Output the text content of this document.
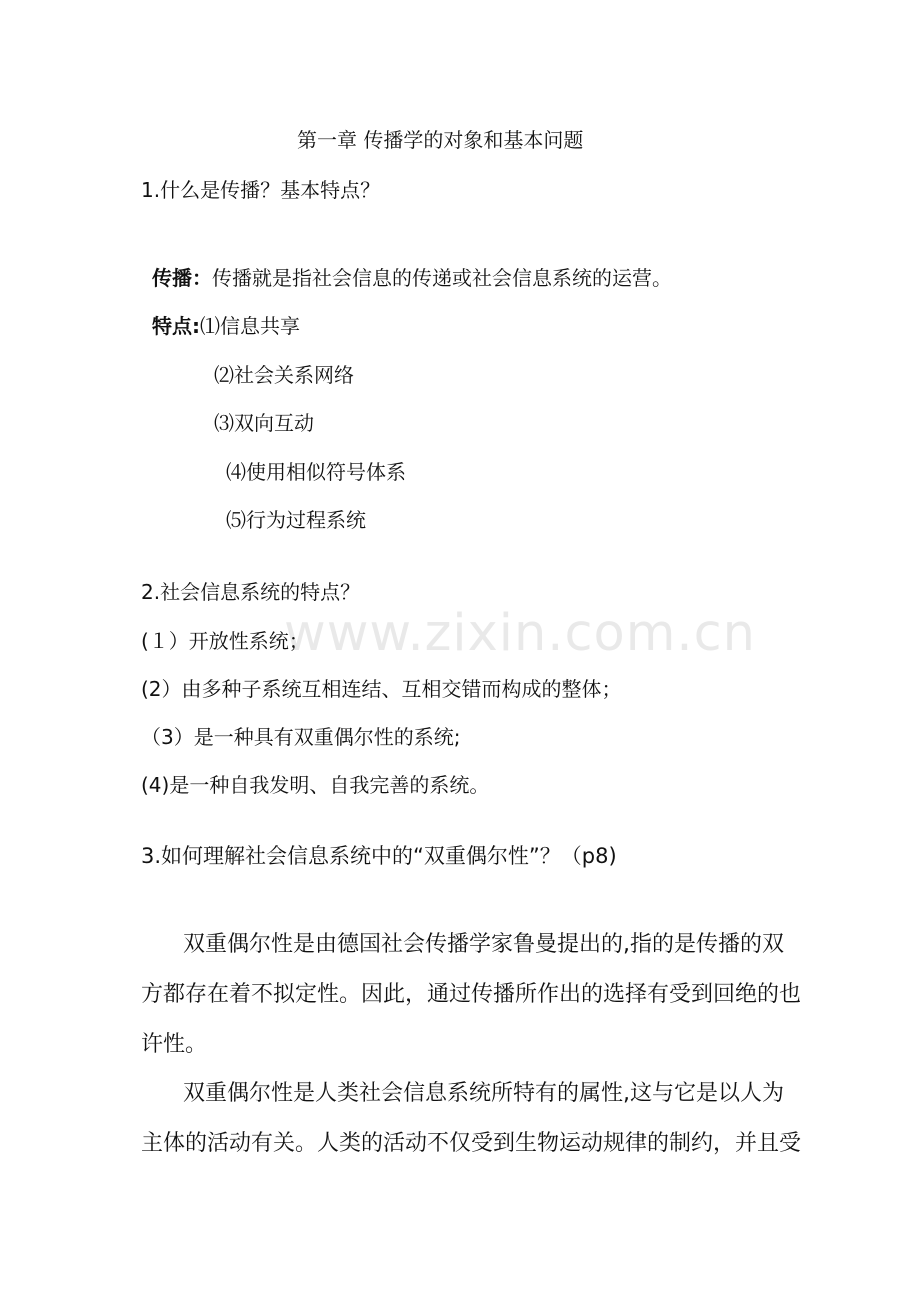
www.zixin.com.cn
第一章 传播学的对象和基本问题
1.什么是传播？基本特点？
传播：传播就是指社会信息的传递或社会信息系统的运营。
特点:⑴信息共享
⑵社会关系网络
⑶双向互动
⑷使用相似符号体系
⑸行为过程系统
2.社会信息系统的特点？
(１）开放性系统；
(2）由多种子系统互相连结、互相交错而构成的整体；
（3）是一种具有双重偶尔性的系统;
(4)是一种自我发明、自我完善的系统。
3.如何理解社会信息系统中的“双重偶尔性”？（p8)
双重偶尔性是由德国社会传播学家鲁曼提出的,指的是传播的双
方都存在着不拟定性。因此，通过传播所作出的选择有受到回绝的也
许性。
双重偶尔性是人类社会信息系统所特有的属性,这与它是以人为
主体的活动有关。人类的活动不仅受到生物运动规律的制约，并且受
